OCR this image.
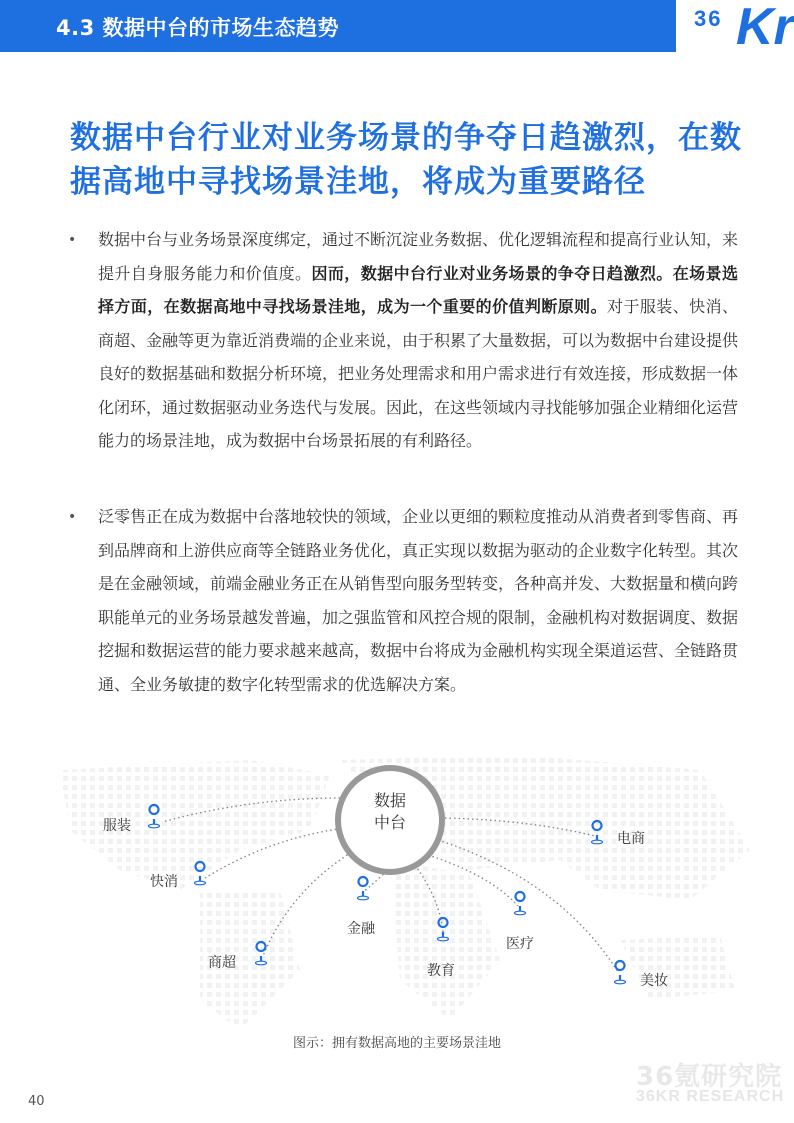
4.3 数据中台的市场生态趋势	36 Kr
数据中台行业对业务场景的争夺日趋激烈，在数据高地中寻找场景洼地，将成为重要路径
• 数据中台与业务场景深度绑定，通过不断沉淀业务数据、优化逻辑流程和提高行业认知，来提升自身服务能力和价值度。因而，数据中台行业对业务场景的争夺日趋激烈。在场景选择方面，在数据高地中寻找场景洼地，成为一个重要的价值判断原则。对于服装、快消、商超、金融等更为靠近消费端的企业来说，由于积累了大量数据，可以为数据中台建设提供良好的数据基础和数据分析环境，把业务处理需求和用户需求进行有效连接，形成数据一体化闭环，通过数据驱动业务迭代与发展。因此，在这些领域内寻找能够加强企业精细化运营能力的场景洼地，成为数据中台场景拓展的有利路径。
• 泛零售正在成为数据中台落地较快的领域，企业以更细的颗粒度推动从消费者到零售商、再到品牌商和上游供应商等全链路业务优化，真正实现以数据为驱动的企业数字化转型。其次是在金融领域，前端金融业务正在从销售型向服务型转变，各种高并发、大数据量和横向跨职能单元的业务场景越发普遍，加之强监管和风控合规的限制，金融机构对数据调度、数据挖掘和数据运营的能力要求越来越高，数据中台将成为金融机构实现全渠道运营、全链路贯通、全业务敏捷的数字化转型需求的优选解决方案。
数据
中台
服装
快消
商超
金融
教育
医疗
电商
美妆
图示：拥有数据高地的主要场景洼地
36氪研究院
36KR RESEARCH
40
